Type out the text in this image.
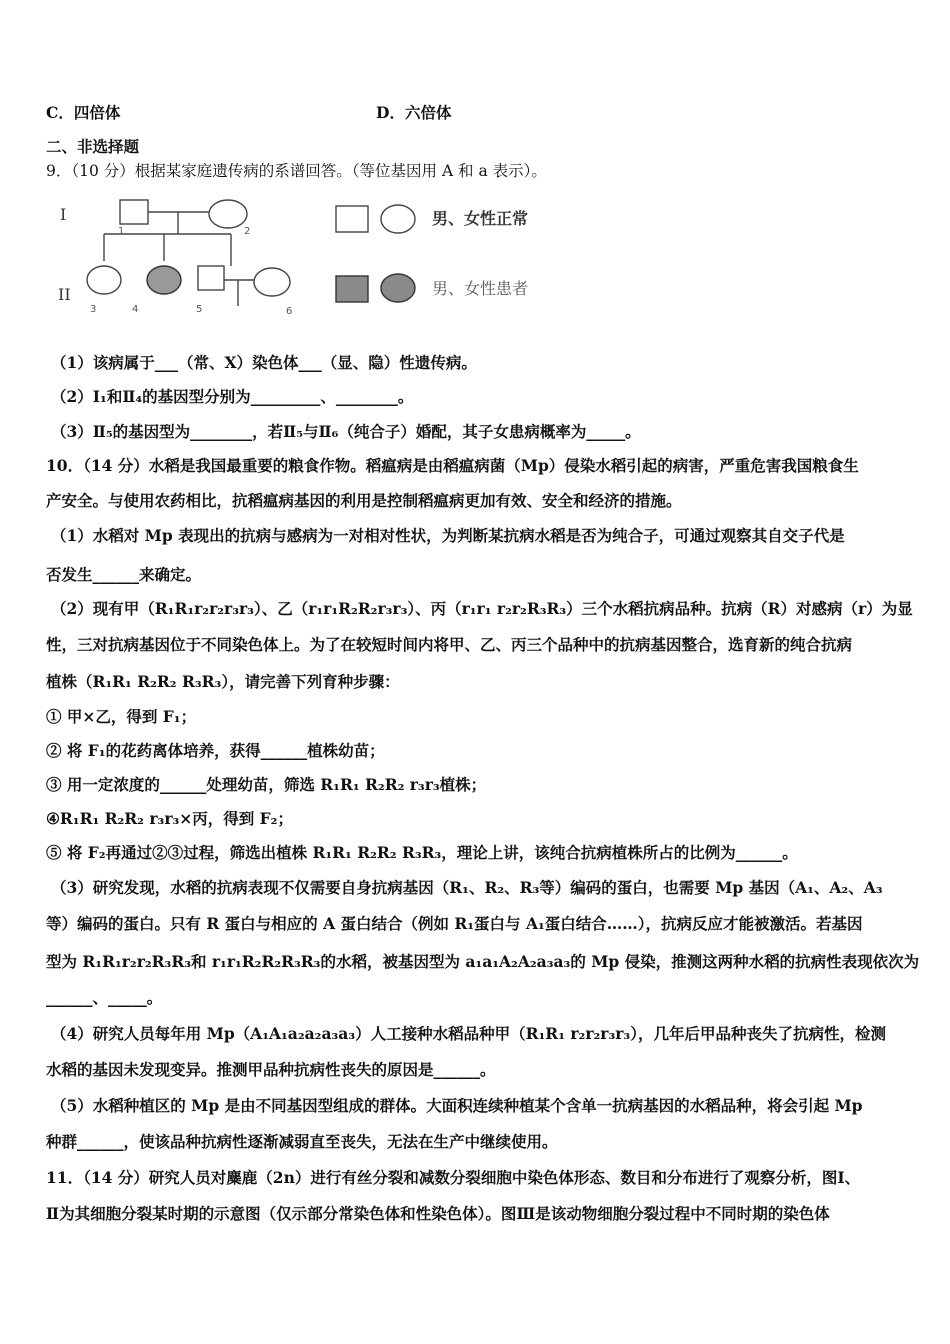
C．四倍体	D．六倍体
二、非选择题
9．（10 分）根据某家庭遗传病的系谱回答。（等位基因用 A 和 a 表示）。
I
II
1	2
3	4	5	6
男、女性正常
男、女性患者
（1）该病属于___（常、X）染色体___（显、隐）性遗传病。
（2）Ⅰ₁和Ⅱ₄的基因型分别为_________、________。
（3）Ⅱ₅的基因型为________，若Ⅱ₅与Ⅱ₆（纯合子）婚配，其子女患病概率为_____。
10．（14 分）水稻是我国最重要的粮食作物。稻瘟病是由稻瘟病菌（Mp）侵染水稻引起的病害，严重危害我国粮食生
产安全。与使用农药相比，抗稻瘟病基因的利用是控制稻瘟病更加有效、安全和经济的措施。
（1）水稻对 Mp 表现出的抗病与感病为一对相对性状，为判断某抗病水稻是否为纯合子，可通过观察其自交子代是
否发生______来确定。
（2）现有甲（R₁R₁r₂r₂r₃r₃）、乙（r₁r₁R₂R₂r₃r₃）、丙（r₁r₁ r₂r₂R₃R₃）三个水稻抗病品种。抗病（R）对感病（r）为显
性，三对抗病基因位于不同染色体上。为了在较短时间内将甲、乙、丙三个品种中的抗病基因整合，选育新的纯合抗病
植株（R₁R₁ R₂R₂ R₃R₃），请完善下列育种步骤：
① 甲×乙，得到 F₁；
② 将 F₁的花药离体培养，获得______植株幼苗；
③ 用一定浓度的______处理幼苗，筛选 R₁R₁ R₂R₂ r₃r₃植株；
④R₁R₁ R₂R₂ r₃r₃×丙，得到 F₂；
⑤ 将 F₂再通过②③过程，筛选出植株 R₁R₁ R₂R₂ R₃R₃，理论上讲，该纯合抗病植株所占的比例为______。
（3）研究发现，水稻的抗病表现不仅需要自身抗病基因（R₁、R₂、R₃等）编码的蛋白，也需要 Mp 基因（A₁、A₂、A₃
等）编码的蛋白。只有 R 蛋白与相应的 A 蛋白结合（例如 R₁蛋白与 A₁蛋白结合……），抗病反应才能被激活。若基因
型为 R₁R₁r₂r₂R₃R₃和 r₁r₁R₂R₂R₃R₃的水稻，被基因型为 a₁a₁A₂A₂a₃a₃的 Mp 侵染，推测这两种水稻的抗病性表现依次为
______、_____。
（4）研究人员每年用 Mp（A₁A₁a₂a₂a₃a₃）人工接种水稻品种甲（R₁R₁ r₂r₂r₃r₃），几年后甲品种丧失了抗病性，检测
水稻的基因未发现变异。推测甲品种抗病性丧失的原因是______。
（5）水稻种植区的 Mp 是由不同基因型组成的群体。大面积连续种植某个含单一抗病基因的水稻品种，将会引起 Mp
种群______，使该品种抗病性逐渐减弱直至丧失，无法在生产中继续使用。
11．（14 分）研究人员对麋鹿（2n）进行有丝分裂和减数分裂细胞中染色体形态、数目和分布进行了观察分析，图Ⅰ、
Ⅱ为其细胞分裂某时期的示意图（仅示部分常染色体和性染色体）。图Ⅲ是该动物细胞分裂过程中不同时期的染色体
